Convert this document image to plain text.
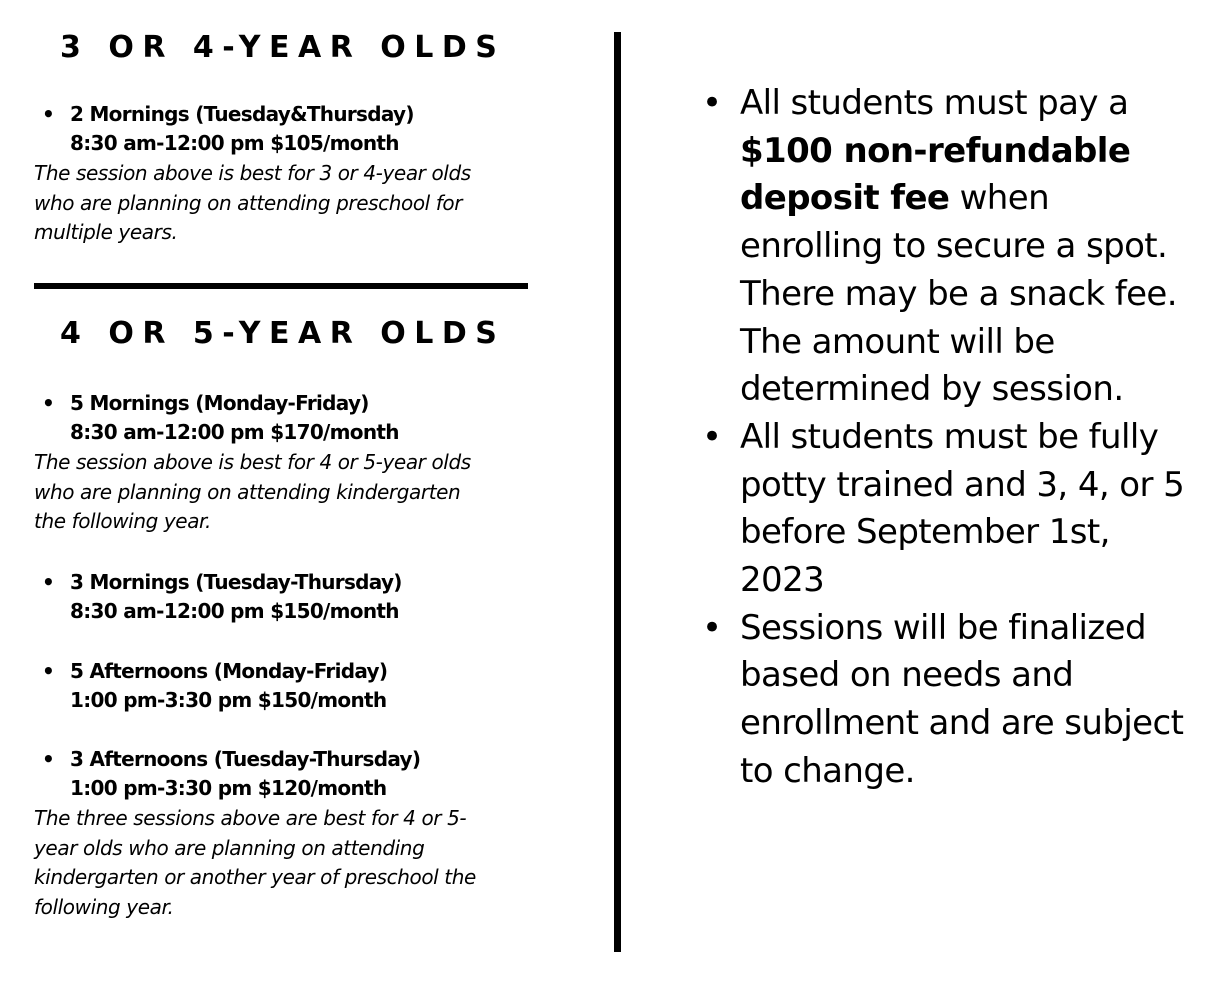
3 OR 4-YEAR OLDS
• 2 Mornings (Tuesday&Thursday)
8:30 am-12:00 pm $105/month
The session above is best for 3 or 4-year olds
who are planning on attending preschool for
multiple years.
4 OR 5-YEAR OLDS
• 5 Mornings (Monday-Friday)
8:30 am-12:00 pm $170/month
The session above is best for 4 or 5-year olds
who are planning on attending kindergarten
the following year.
• 3 Mornings (Tuesday-Thursday)
8:30 am-12:00 pm $150/month
• 5 Afternoons (Monday-Friday)
1:00 pm-3:30 pm $150/month
• 3 Afternoons (Tuesday-Thursday)
1:00 pm-3:30 pm $120/month
The three sessions above are best for 4 or 5-
year olds who are planning on attending
kindergarten or another year of preschool the
following year.
• All students must pay a $100 non-refundable deposit fee when enrolling to secure a spot. There may be a snack fee. The amount will be determined by session.
• All students must be fully potty trained and 3, 4, or 5 before September 1st, 2023
• Sessions will be finalized based on needs and enrollment and are subject to change.
